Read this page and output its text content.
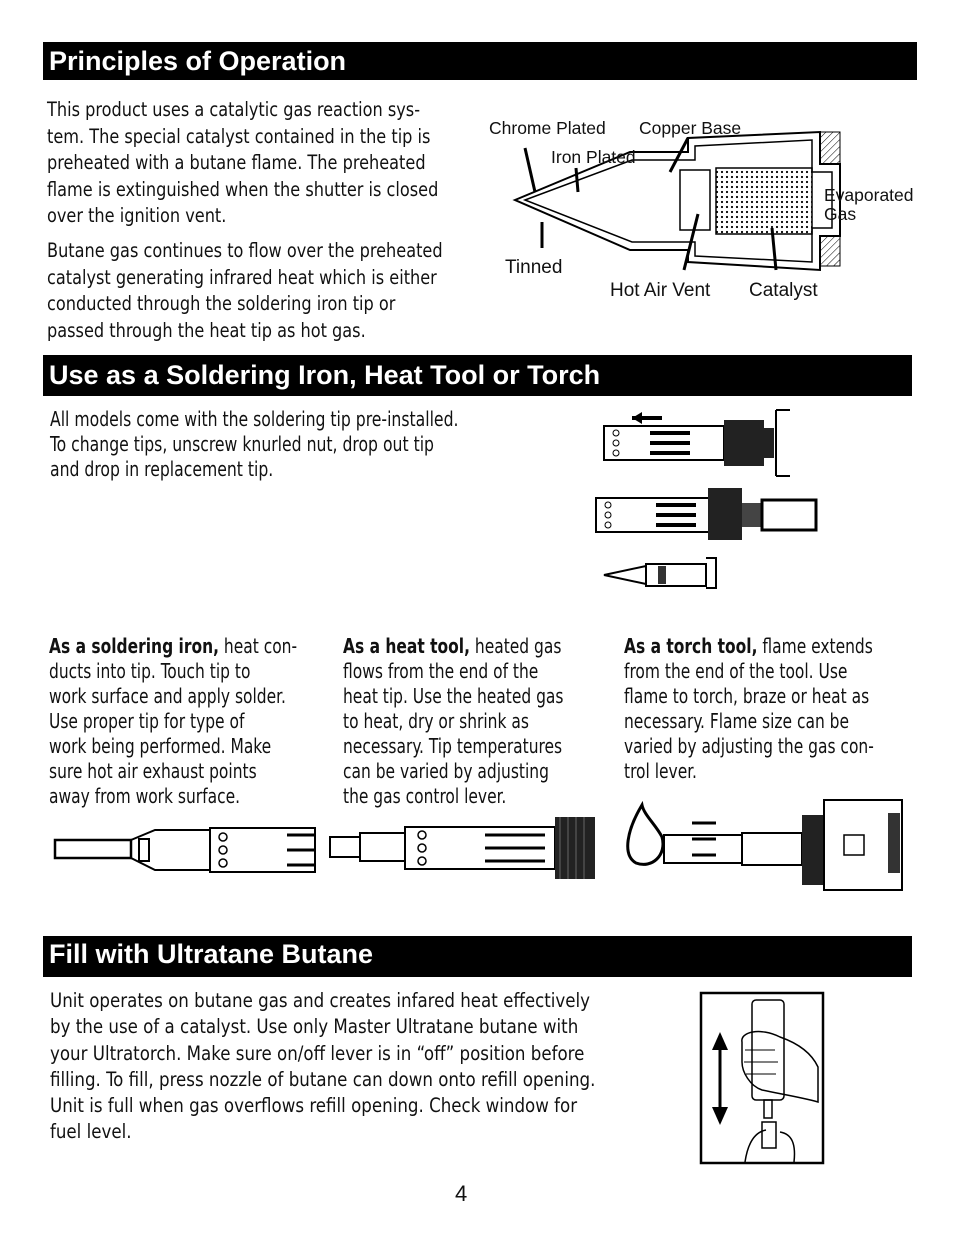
Principles of Operation

This product uses a catalytic gas reaction sys-
tem. The special catalyst contained in the tip is
preheated with a butane flame. The preheated
flame is extinguished when the shutter is closed
over the ignition vent.

Butane gas continues to flow over the preheated
catalyst generating infrared heat which is either
conducted through the soldering iron tip or
passed through the heat tip as hot gas.

Chrome Plated Copper Base
Iron Plated
Evaporated
Gas
Tinned
Hot Air Vent Catalyst
Use as a Soldering Iron, Heat Tool or Torch

All models come with the soldering tip pre-installed.
To change tips, unscrew knurled nut, drop out tip
and drop in replacement tip.

As a soldering iron, heat con-
ducts into tip. Touch tip to
work surface and apply solder.
Use proper tip for type of
work being performed. Make
sure hot air exhaust points
away from work surface.

As a heat tool, heated gas
flows from the end of the
heat tip. Use the heated gas
to heat, dry or shrink as
necessary. Tip temperatures
can be varied by adjusting
the gas control lever.

As a torch tool, flame extends
from the end of the tool. Use
flame to torch, braze or heat as
necessary. Flame size can be
varied by adjusting the gas con-
trol lever.

Fill with Ultratane Butane

Unit operates on butane gas and creates infared heat effectively
by the use of a catalyst. Use only Master Ultratane butane with
your Ultratorch. Make sure on/off lever is in “off” position before
filling. To fill, press nozzle of butane can down onto refill opening.
Unit is full when gas overflows refill opening. Check window for
fuel level.

4
